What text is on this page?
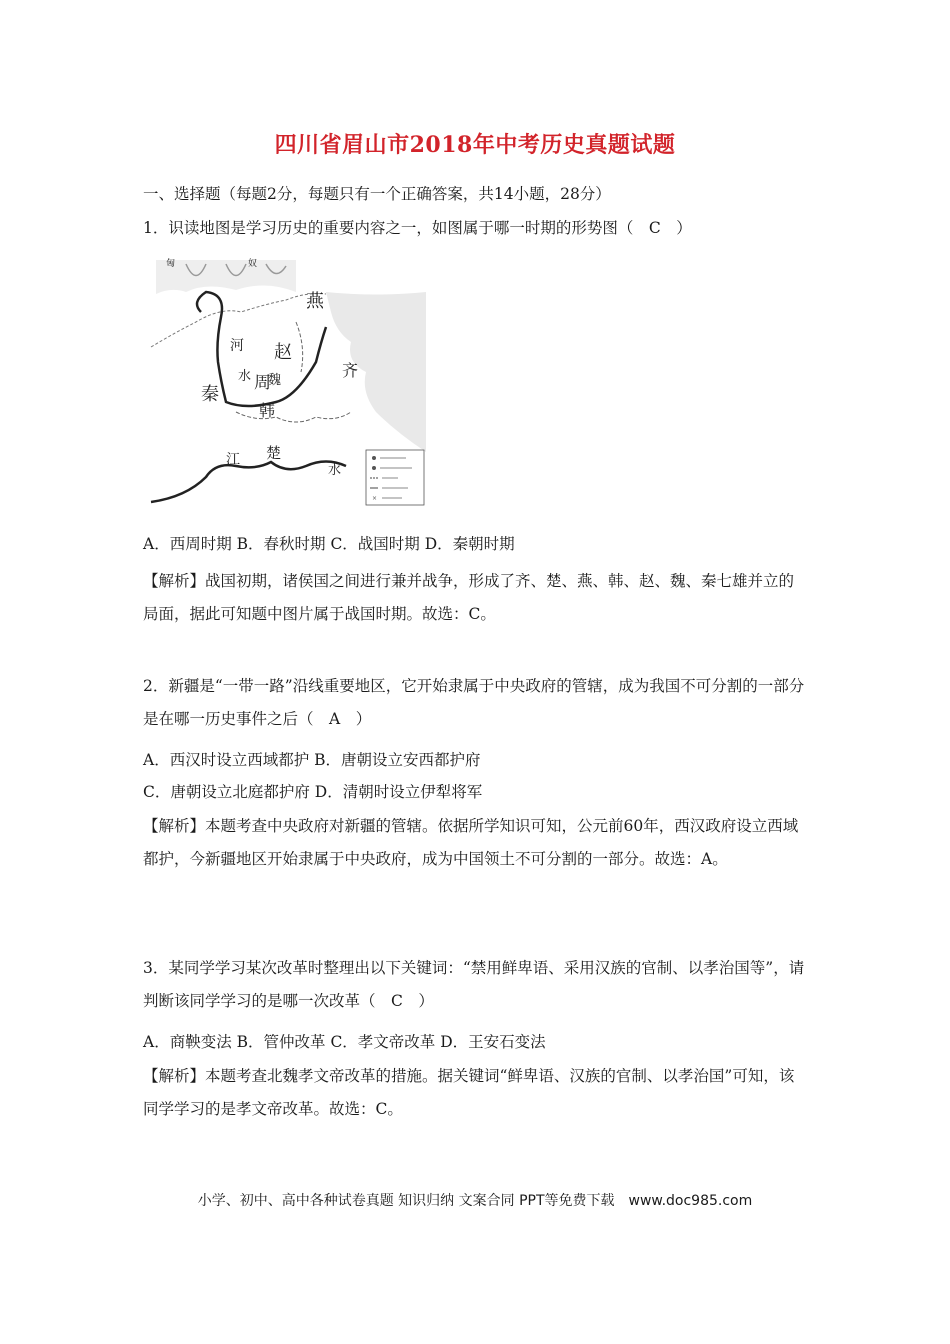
四川省眉山市2018年中考历史真题试题
一、选择题（每题2分，每题只有一个正确答案，共14小题，28分）
1．识读地图是学习历史的重要内容之一，如图属于哪一时期的形势图（　C　）
×
匈	奴
燕
赵
齐
秦
周
魏
韩
楚
河
水
江
水
A．西周时期 B．春秋时期 C．战国时期 D．秦朝时期
【解析】战国初期，诸侯国之间进行兼并战争，形成了齐、楚、燕、韩、赵、魏、秦七雄并立的局面，据此可知题中图片属于战国时期。故选：C。
2．新疆是“一带一路”沿线重要地区，它开始隶属于中央政府的管辖，成为我国不可分割的一部分是在哪一历史事件之后（　A　）
A．西汉时设立西域都护 B．唐朝设立安西都护府
C．唐朝设立北庭都护府 D．清朝时设立伊犁将军
【解析】本题考查中央政府对新疆的管辖。依据所学知识可知，公元前60年，西汉政府设立西域都护，今新疆地区开始隶属于中央政府，成为中国领土不可分割的一部分。故选：A。
3．某同学学习某次改革时整理出以下关键词：“禁用鲜卑语、采用汉族的官制、以孝治国等”，请判断该同学学习的是哪一次改革（　C　）
A．商鞅变法 B．管仲改革 C．孝文帝改革 D．王安石变法
【解析】本题考查北魏孝文帝改革的措施。据关键词“鲜卑语、汉族的官制、以孝治国”可知，该同学学习的是孝文帝改革。故选：C。
小学、初中、高中各种试卷真题 知识归纳 文案合同 PPT等免费下载　www.doc985.com
